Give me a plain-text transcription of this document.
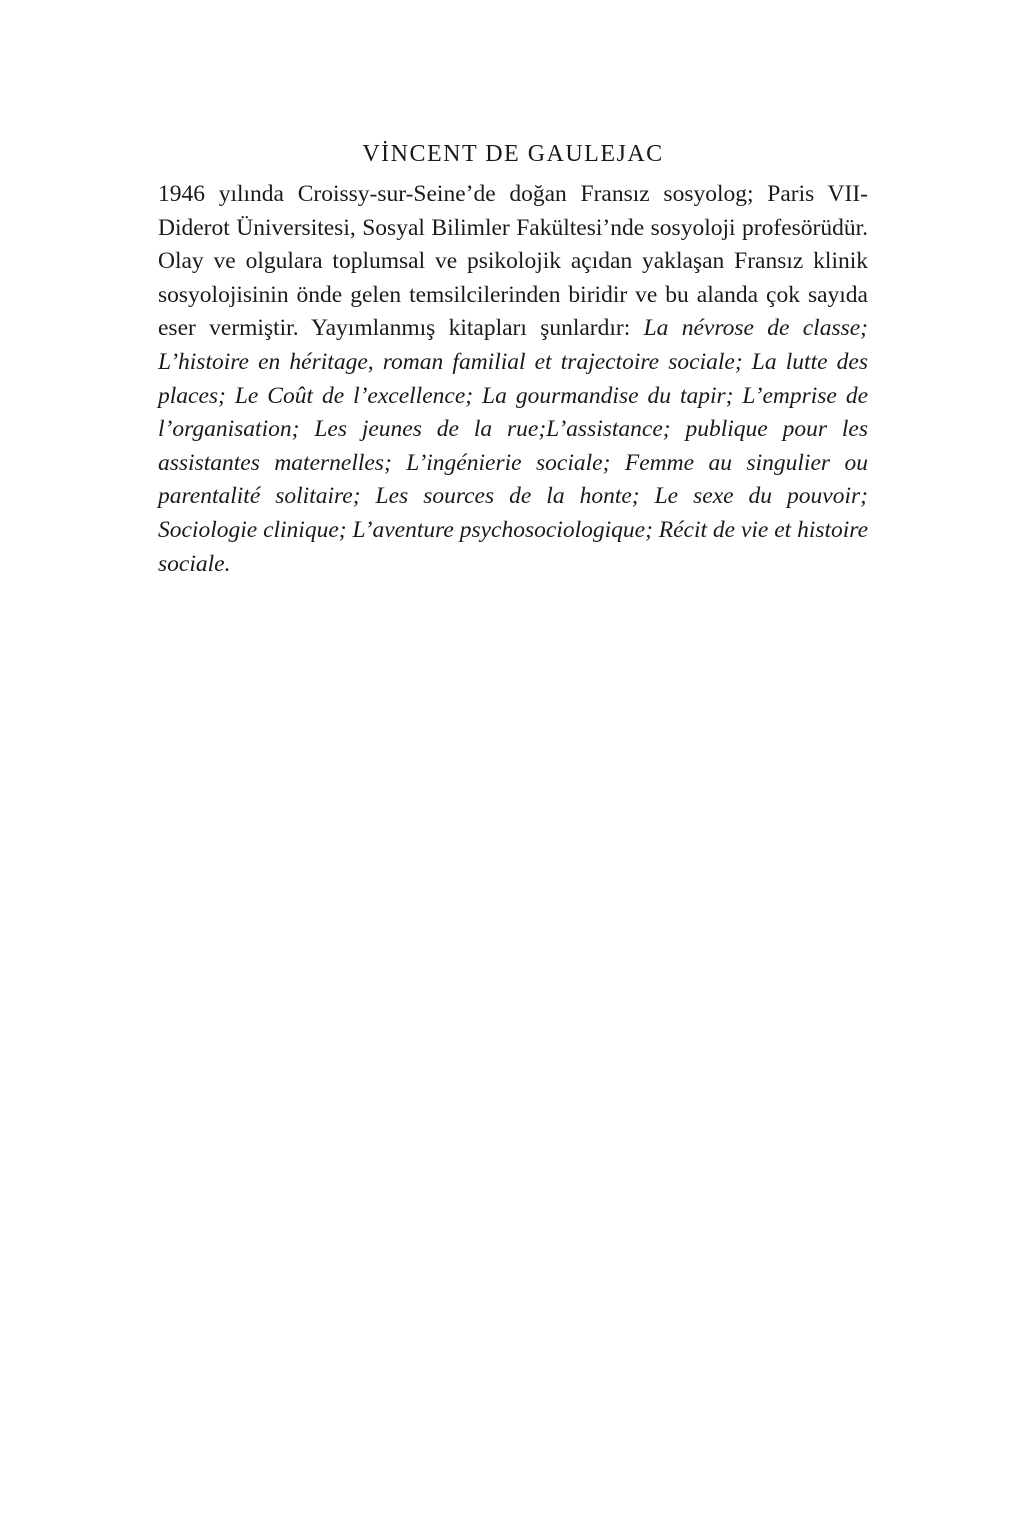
VİNCENT DE GAULEJAC

1946 yılında Croissy-sur-Seine’de doğan Fransız sosyolog; Paris VII-Diderot Üniversitesi, Sosyal Bilimler Fakültesi’nde sosyoloji profesörüdür. Olay ve olgulara toplumsal ve psikolojik açıdan yaklaşan Fransız klinik sosyolojisinin önde gelen temsilcilerinden biridir ve bu alanda çok sayıda eser vermiştir. Yayımlanmış kitapları şunlardır: La névrose de classe; L’histoire en héritage, roman familial et trajectoire sociale; La lutte des places; Le Coût de l’excellence; La gourmandise du tapir; L’emprise de l’organisation; Les jeunes de la rue;L’assistance; publique pour les assistantes maternelles; L’ingénierie sociale; Femme au singulier ou parentalité solitaire; Les sources de la honte; Le sexe du pouvoir; Sociologie clinique; L’aventure psychosociologique; Récit de vie et histoire sociale.
